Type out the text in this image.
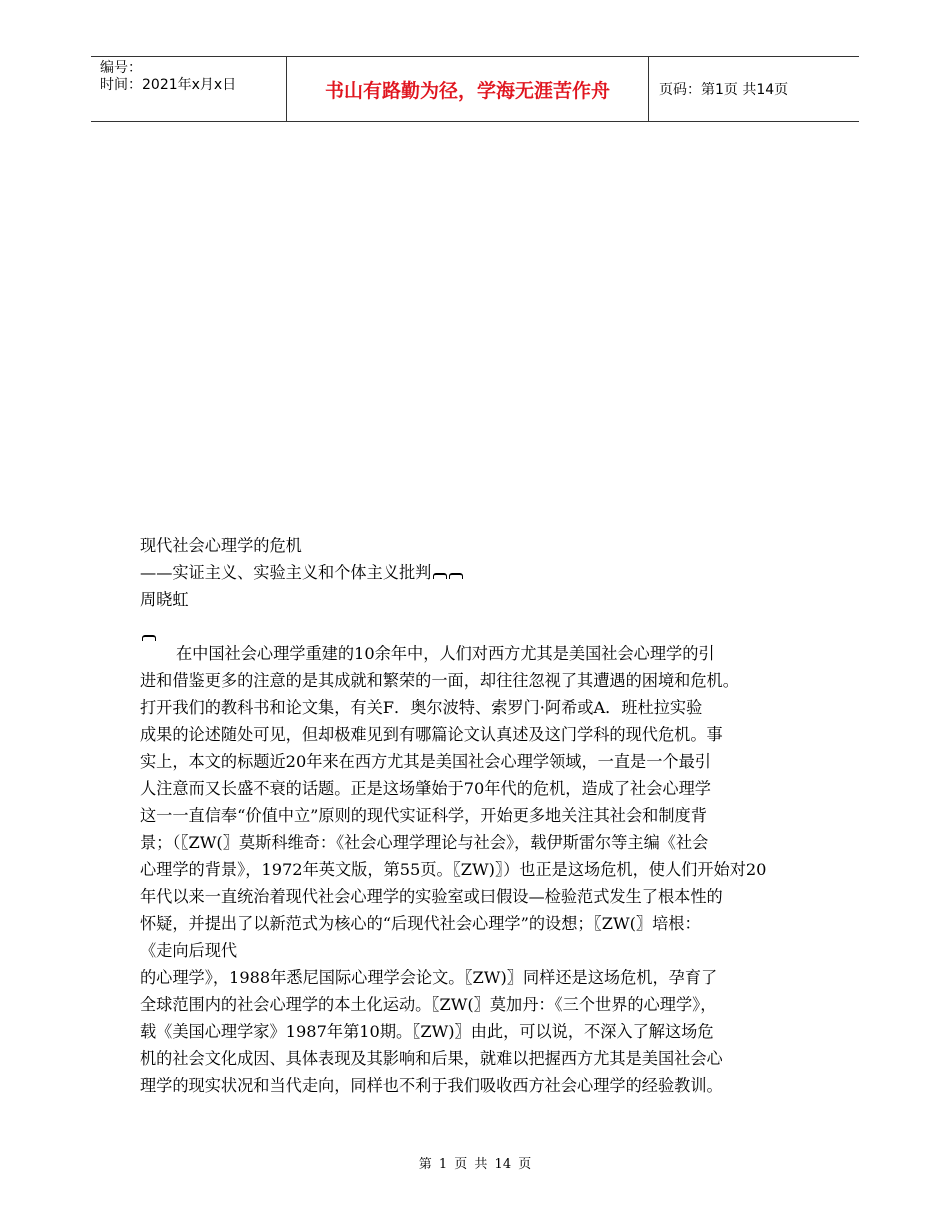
编号：
时间：2021年x月x日	书山有路勤为径，学海无涯苦作舟	页码：第1页 共14页
现代社会心理学的危机
——实证主义、实验主义和个体主义批判
周晓虹
在中国社会心理学重建的10余年中，人们对西方尤其是美国社会心理学的引
进和借鉴更多的注意的是其成就和繁荣的一面，却往往忽视了其遭遇的困境和危机。
打开我们的教科书和论文集，有关F．奥尔波特、索罗门·阿希或A．班杜拉实验
成果的论述随处可见，但却极难见到有哪篇论文认真述及这门学科的现代危机。事
实上，本文的标题近20年来在西方尤其是美国社会心理学领域，一直是一个最引
人注意而又长盛不衰的话题。正是这场肇始于70年代的危机，造成了社会心理学
这一一直信奉“价值中立”原则的现代实证科学，开始更多地关注其社会和制度背
景；（〖ZW(〗莫斯科维奇：《社会心理学理论与社会》，载伊斯雷尔等主编《社会
心理学的背景》，1972年英文版，第55页。〖ZW)〗）也正是这场危机，使人们开始对20
年代以来一直统治着现代社会心理学的实验室或曰假设—检验范式发生了根本性的
怀疑，并提出了以新范式为核心的“后现代社会心理学”的设想；〖ZW(〗培根：
《走向后现代
的心理学》，1988年悉尼国际心理学会论文。〖ZW)〗同样还是这场危机，孕育了
全球范围内的社会心理学的本土化运动。〖ZW(〗莫加丹：《三个世界的心理学》，
载《美国心理学家》1987年第10期。〖ZW)〗由此，可以说，不深入了解这场危
机的社会文化成因、具体表现及其影响和后果，就难以把握西方尤其是美国社会心
理学的现实状况和当代走向，同样也不利于我们吸收西方社会心理学的经验教训。
第 1 页 共 14 页
